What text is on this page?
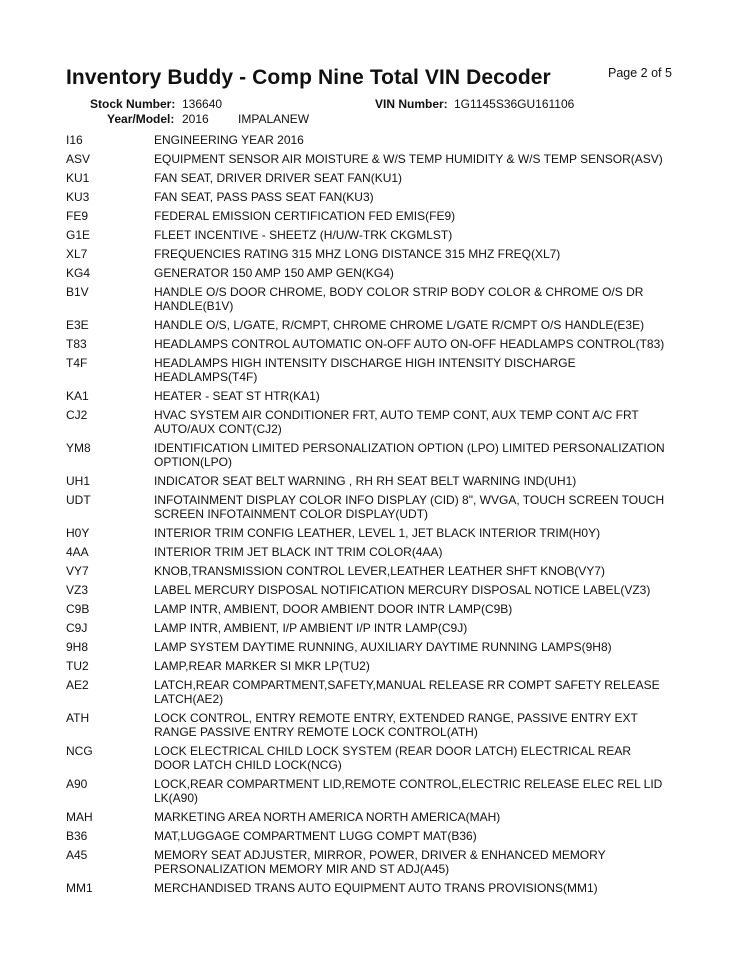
Inventory Buddy - Comp Nine Total VIN Decoder	Page 2 of 5
Stock Number: 136640	VIN Number: 1G1145S36GU161106
Year/Model: 2016 IMPALANEW
I16	ENGINEERING YEAR 2016
ASV	EQUIPMENT SENSOR AIR MOISTURE & W/S TEMP HUMIDITY & W/S TEMP SENSOR(ASV)
KU1	FAN SEAT, DRIVER DRIVER SEAT FAN(KU1)
KU3	FAN SEAT, PASS PASS SEAT FAN(KU3)
FE9	FEDERAL EMISSION CERTIFICATION FED EMIS(FE9)
G1E	FLEET INCENTIVE - SHEETZ (H/U/W-TRK CKGMLST)
XL7	FREQUENCIES RATING 315 MHZ LONG DISTANCE 315 MHZ FREQ(XL7)
KG4	GENERATOR 150 AMP 150 AMP GEN(KG4)
B1V	HANDLE O/S DOOR CHROME, BODY COLOR STRIP BODY COLOR & CHROME O/S DR
HANDLE(B1V)
E3E	HANDLE O/S, L/GATE, R/CMPT, CHROME CHROME L/GATE R/CMPT O/S HANDLE(E3E)
T83	HEADLAMPS CONTROL AUTOMATIC ON-OFF AUTO ON-OFF HEADLAMPS CONTROL(T83)
T4F	HEADLAMPS HIGH INTENSITY DISCHARGE HIGH INTENSITY DISCHARGE
HEADLAMPS(T4F)
KA1	HEATER - SEAT ST HTR(KA1)
CJ2	HVAC SYSTEM AIR CONDITIONER FRT, AUTO TEMP CONT, AUX TEMP CONT A/C FRT
AUTO/AUX CONT(CJ2)
YM8	IDENTIFICATION LIMITED PERSONALIZATION OPTION (LPO) LIMITED PERSONALIZATION
OPTION(LPO)
UH1	INDICATOR SEAT BELT WARNING , RH RH SEAT BELT WARNING IND(UH1)
UDT	INFOTAINMENT DISPLAY COLOR INFO DISPLAY (CID) 8", WVGA, TOUCH SCREEN TOUCH
SCREEN INFOTAINMENT COLOR DISPLAY(UDT)
H0Y	INTERIOR TRIM CONFIG LEATHER, LEVEL 1, JET BLACK INTERIOR TRIM(H0Y)
4AA	INTERIOR TRIM JET BLACK INT TRIM COLOR(4AA)
VY7	KNOB,TRANSMISSION CONTROL LEVER,LEATHER LEATHER SHFT KNOB(VY7)
VZ3	LABEL MERCURY DISPOSAL NOTIFICATION MERCURY DISPOSAL NOTICE LABEL(VZ3)
C9B	LAMP INTR, AMBIENT, DOOR AMBIENT DOOR INTR LAMP(C9B)
C9J	LAMP INTR, AMBIENT, I/P AMBIENT I/P INTR LAMP(C9J)
9H8	LAMP SYSTEM DAYTIME RUNNING, AUXILIARY DAYTIME RUNNING LAMPS(9H8)
TU2	LAMP,REAR MARKER SI MKR LP(TU2)
AE2	LATCH,REAR COMPARTMENT,SAFETY,MANUAL RELEASE RR COMPT SAFETY RELEASE
LATCH(AE2)
ATH	LOCK CONTROL, ENTRY REMOTE ENTRY, EXTENDED RANGE, PASSIVE ENTRY EXT
RANGE PASSIVE ENTRY REMOTE LOCK CONTROL(ATH)
NCG	LOCK ELECTRICAL CHILD LOCK SYSTEM (REAR DOOR LATCH) ELECTRICAL REAR
DOOR LATCH CHILD LOCK(NCG)
A90	LOCK,REAR COMPARTMENT LID,REMOTE CONTROL,ELECTRIC RELEASE ELEC REL LID
LK(A90)
MAH	MARKETING AREA NORTH AMERICA NORTH AMERICA(MAH)
B36	MAT,LUGGAGE COMPARTMENT LUGG COMPT MAT(B36)
A45	MEMORY SEAT ADJUSTER, MIRROR, POWER, DRIVER & ENHANCED MEMORY
PERSONALIZATION MEMORY MIR AND ST ADJ(A45)
MM1	MERCHANDISED TRANS AUTO EQUIPMENT AUTO TRANS PROVISIONS(MM1)
